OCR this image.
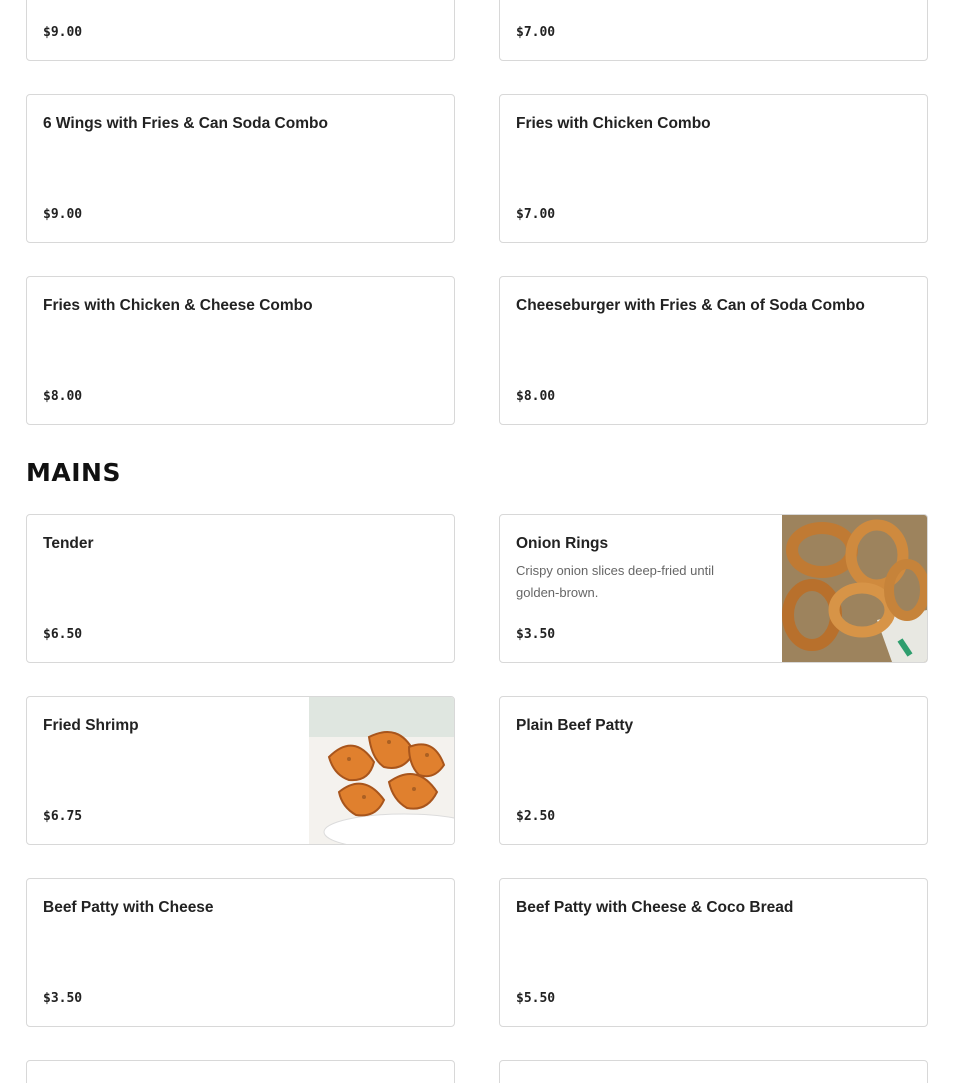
$9.00	$7.00
6 Wings with Fries & Can Soda Combo
$9.00
Fries with Chicken Combo
$7.00
Fries with Chicken & Cheese Combo
$8.00
Cheeseburger with Fries & Can of Soda Combo
$8.00
MAINS
Tender
$6.50
Onion Rings
Crispy onion slices deep-fried until golden-brown.
$3.50
Fried Shrimp
$6.75
Plain Beef Patty
$2.50
Beef Patty with Cheese
$3.50
Beef Patty with Cheese & Coco Bread
$5.50
